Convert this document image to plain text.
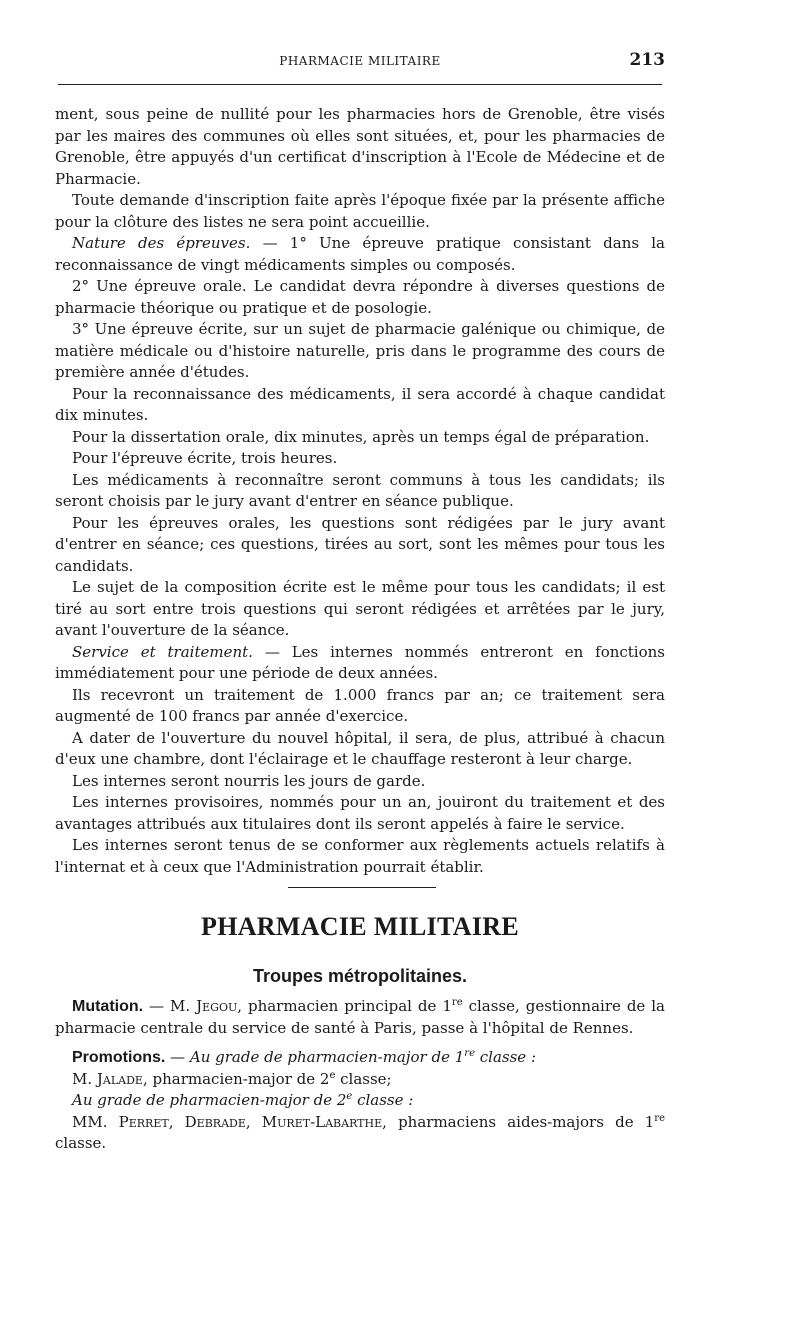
PHARMACIE MILITAIRE	213

ment, sous peine de nullité pour les pharmacies hors de Grenoble, être visés par les maires des communes où elles sont situées, et, pour les pharmacies de Grenoble, être appuyés d'un certificat d'inscription à l'Ecole de Médecine et de Pharmacie.

Toute demande d'inscription faite après l'époque fixée par la présente affiche pour la clôture des listes ne sera point accueillie.

Nature des épreuves. — 1° Une épreuve pratique consistant dans la reconnaissance de vingt médicaments simples ou composés.

2° Une épreuve orale. Le candidat devra répondre à diverses questions de pharmacie théorique ou pratique et de posologie.

3° Une épreuve écrite, sur un sujet de pharmacie galénique ou chimique, de matière médicale ou d'histoire naturelle, pris dans le programme des cours de première année d'études.

Pour la reconnaissance des médicaments, il sera accordé à chaque candidat dix minutes.

Pour la dissertation orale, dix minutes, après un temps égal de préparation.

Pour l'épreuve écrite, trois heures.

Les médicaments à reconnaître seront communs à tous les candidats; ils seront choisis par le jury avant d'entrer en séance publique.

Pour les épreuves orales, les questions sont rédigées par le jury avant d'entrer en séance; ces questions, tirées au sort, sont les mêmes pour tous les candidats.

Le sujet de la composition écrite est le même pour tous les candidats; il est tiré au sort entre trois questions qui seront rédigées et arrêtées par le jury, avant l'ouverture de la séance.

Service et traitement. — Les internes nommés entreront en fonctions immédiatement pour une période de deux années.

Ils recevront un traitement de 1.000 francs par an; ce traitement sera augmenté de 100 francs par année d'exercice.

A dater de l'ouverture du nouvel hôpital, il sera, de plus, attribué à chacun d'eux une chambre, dont l'éclairage et le chauffage resteront à leur charge.

Les internes seront nourris les jours de garde.

Les internes provisoires, nommés pour un an, jouiront du traitement et des avantages attribués aux titulaires dont ils seront appelés à faire le service.

Les internes seront tenus de se conformer aux règlements actuels relatifs à l'internat et à ceux que l'Administration pourrait établir.

PHARMACIE MILITAIRE
Troupes métropolitaines.

Mutation. — M. Jegou, pharmacien principal de 1re classe, gestionnaire de la pharmacie centrale du service de santé à Paris, passe à l'hôpital de Rennes.

Promotions. — Au grade de pharmacien-major de 1re classe :

M. Jalade, pharmacien-major de 2e classe;

Au grade de pharmacien-major de 2e classe :

MM. Perret, Debrade, Muret-Labarthe, pharmaciens aides-majors de 1re classe.
